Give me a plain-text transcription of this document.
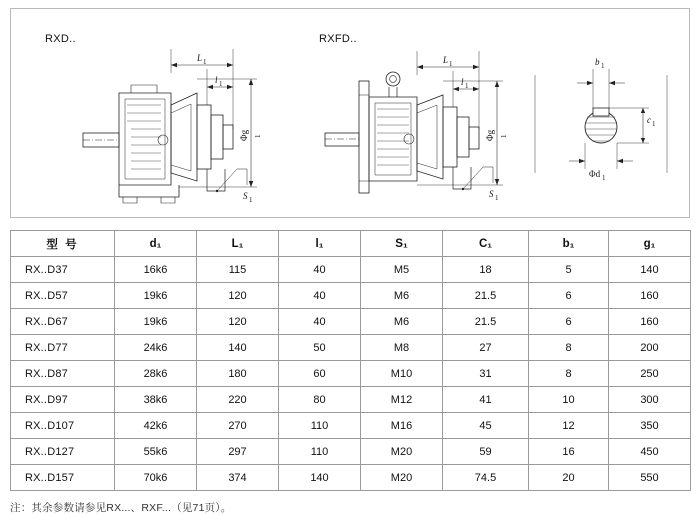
RXD..	RXFD..
L 1
l 1
Φg 1
S 1
L 1
l 1
Φg 1
S 1
b 1
c 1
Φd 1
型 号	d₁	L₁	l₁	S₁	C₁	b₁	g₁
RX..D37	16k6	115	40	M5	18	5	140
RX..D57	19k6	120	40	M6	21.5	6	160
RX..D67	19k6	120	40	M6	21.5	6	160
RX..D77	24k6	140	50	M8	27	8	200
RX..D87	28k6	180	60	M10	31	8	250
RX..D97	38k6	220	80	M12	41	10	300
RX..D107	42k6	270	110	M16	45	12	350
RX..D127	55k6	297	110	M20	59	16	450
RX..D157	70k6	374	140	M20	74.5	20	550
注：其余参数请参见RX...、RXF...（见71页）。
